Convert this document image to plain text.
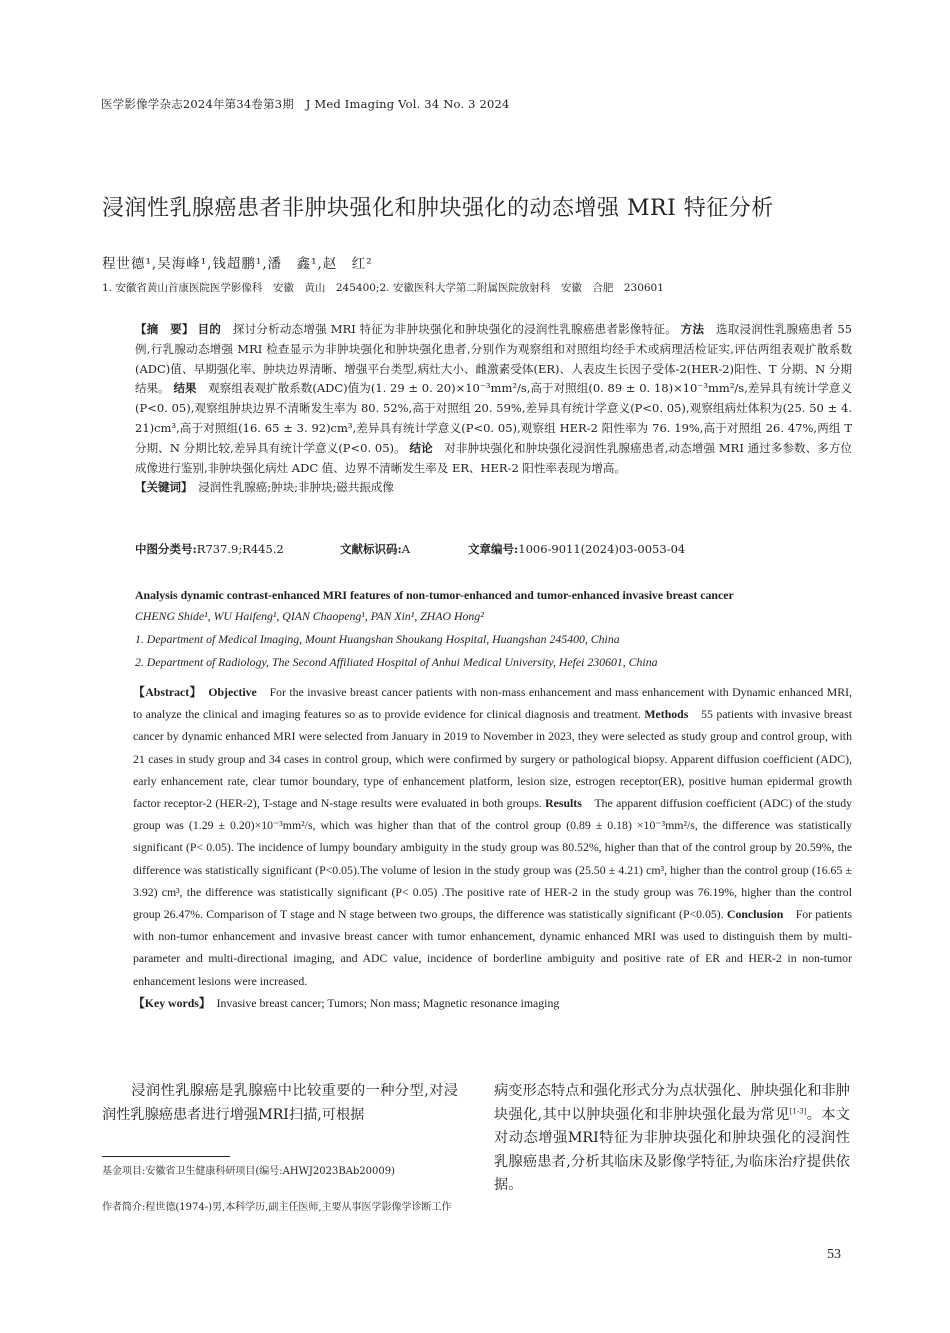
医学影像学杂志2024年第34卷第3期　J Med Imaging Vol. 34 No. 3 2024
浸润性乳腺癌患者非肿块强化和肿块强化的动态增强 MRI 特征分析
程世德¹,吴海峰¹,钱超鹏¹,潘　鑫¹,赵　红²
1. 安徽省黄山首康医院医学影像科　安徽　黄山　245400;2. 安徽医科大学第二附属医院放射科　安徽　合肥　230601

【摘　要】 目的　 探讨分析动态增强 MRI 特征为非肿块强化和肿块强化的浸润性乳腺癌患者影像特征。 方法　 选取浸润性乳腺癌患者 55 例,行乳腺动态增强 MRI 检查显示为非肿块强化和肿块强化患者,分别作为观察组和对照组均经手术或病理活检证实,评估两组表观扩散系数(ADC)值、早期强化率、肿块边界清晰、增强平台类型,病灶大小、雌激素受体(ER)、人表皮生长因子受体-2(HER-2)阳性、T 分期、N 分期结果。 结果　 观察组表观扩散系数(ADC)值为(1. 29 ± 0. 20)×10⁻³mm²/s,高于对照组(0. 89 ± 0. 18)×10⁻³mm²/s,差异具有统计学意义(P<0. 05),观察组肿块边界不清晰发生率为 80. 52%,高于对照组 20. 59%,差异具有统计学意义(P<0. 05),观察组病灶体积为(25. 50 ± 4. 21)cm³,高于对照组(16. 65 ± 3. 92)cm³,差异具有统计学意义(P<0. 05),观察组 HER-2 阳性率为 76. 19%,高于对照组 26. 47%,两组 T 分期、N 分期比较,差异具有统计学意义(P<0. 05)。 结论　 对非肿块强化和肿块强化浸润性乳腺癌患者,动态增强 MRI 通过多参数、多方位成像进行鉴别,非肿块强化病灶 ADC 值、边界不清晰发生率及 ER、HER-2 阳性率表现为增高。

【关键词】　 浸润性乳腺癌;肿块;非肿块;磁共振成像

中图分类号:R737.9;R445.2	文献标识码:A	文章编号:1006-9011(2024)03-0053-04
Analysis dynamic contrast-enhanced MRI features of non-tumor-enhanced and tumor-enhanced invasive breast cancer
CHENG Shide¹, WU Haifeng¹, QIAN Chaopeng¹, PAN Xin¹, ZHAO Hong²
1. Department of Medical Imaging, Mount Huangshan Shoukang Hospital, Huangshan 245400, China
2. Department of Radiology, The Second Affiliated Hospital of Anhui Medical University, Hefei 230601, China

【Abstract】　 Objective　 For the invasive breast cancer patients with non-mass enhancement and mass enhancement with Dynamic enhanced MRI, to analyze the clinical and imaging features so as to provide evidence for clinical diagnosis and treatment. Methods　 55 patients with invasive breast cancer by dynamic enhanced MRI were selected from January in 2019 to November in 2023, they were selected as study group and control group, with 21 cases in study group and 34 cases in control group, which were confirmed by surgery or pathological biopsy. Apparent diffusion coefficient (ADC), early enhancement rate, clear tumor boundary, type of enhancement platform, lesion size, estrogen receptor(ER), positive human epidermal growth factor receptor-2 (HER-2), T-stage and N-stage results were evaluated in both groups. Results　 The apparent diffusion coefficient (ADC) of the study group was (1.29 ± 0.20)×10⁻³mm²/s, which was higher than that of the control group (0.89 ± 0.18) ×10⁻³mm²/s, the difference was statistically significant (P< 0.05). The incidence of lumpy boundary ambiguity in the study group was 80.52%, higher than that of the control group by 20.59%, the difference was statistically significant (P<0.05).The volume of lesion in the study group was (25.50 ± 4.21) cm³, higher than the control group (16.65 ± 3.92) cm³, the difference was statistically significant (P< 0.05) .The positive rate of HER-2 in the study group was 76.19%, higher than the control group 26.47%. Comparison of T stage and N stage between two groups, the difference was statistically significant (P<0.05). Conclusion　 For patients with non-tumor enhancement and invasive breast cancer with tumor enhancement, dynamic enhanced MRI was used to distinguish them by multi-parameter and multi-directional imaging, and ADC value, incidence of borderline ambiguity and positive rate of ER and HER-2 in non-tumor enhancement lesions were increased.

【Key words】　 Invasive breast cancer; Tumors; Non mass; Magnetic resonance imaging

　　浸润性乳腺癌是乳腺癌中比较重要的一种分型,对浸润性乳腺癌患者进行增强MRI扫描,可根据

病变形态特点和强化形式分为点状强化、肿块强化和非肿块强化,其中以肿块强化和非肿块强化最为常见[1-3]。本文对动态增强MRI特征为非肿块强化和肿块强化的浸润性乳腺癌患者,分析其临床及影像学特征,为临床治疗提供依据。

基金项目:安徽省卫生健康科研项目(编号:AHWJ2023BAb20009)
作者简介:程世德(1974-)男,本科学历,副主任医师,主要从事医学影像学诊断工作
53
